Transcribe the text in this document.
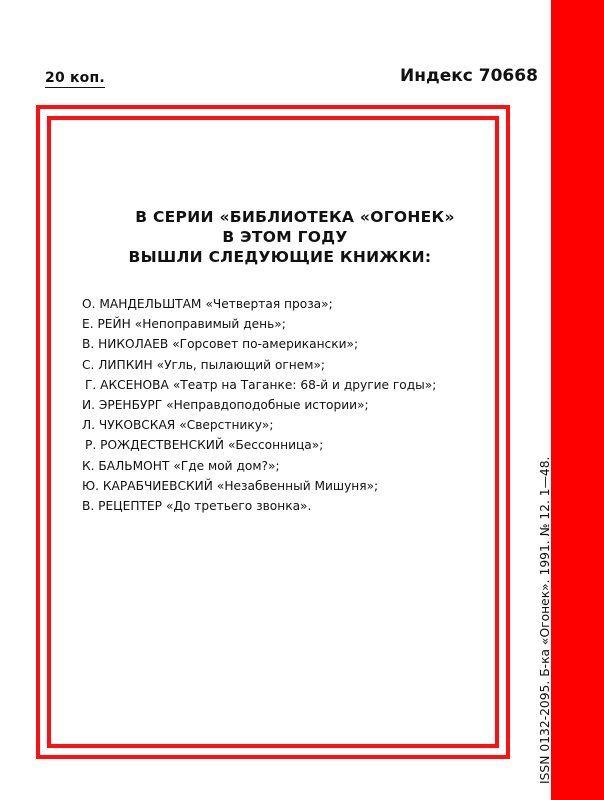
20 коп.	Индекс 70668
В СЕРИИ «БИБЛИОТЕКА «ОГОНЕК»
В ЭТОМ ГОДУ
ВЫШЛИ СЛЕДУЮЩИЕ КНИЖКИ:
О. МАНДЕЛЬШТАМ «Четвертая проза»;
Е. РЕЙН «Непоправимый день»;
В. НИКОЛАЕВ «Горсовет по-американски»;
С. ЛИПКИН «Угль, пылающий огнем»;
Г. АКСЕНОВА «Театр на Таганке: 68-й и другие годы»;
И. ЭРЕНБУРГ «Неправдоподобные истории»;
Л. ЧУКОВСКАЯ «Сверстнику»;
Р. РОЖДЕСТВЕНСКИЙ «Бессонница»;
К. БАЛЬМОНТ «Где мой дом?»;
Ю. КАРАБЧИЕВСКИЙ «Незабвенный Мишуня»;
В. РЕЦЕПТЕР «До третьего звонка».	ISSN 0132-2095. Б-ка «Огонек». 1991. № 12. 1—48.
